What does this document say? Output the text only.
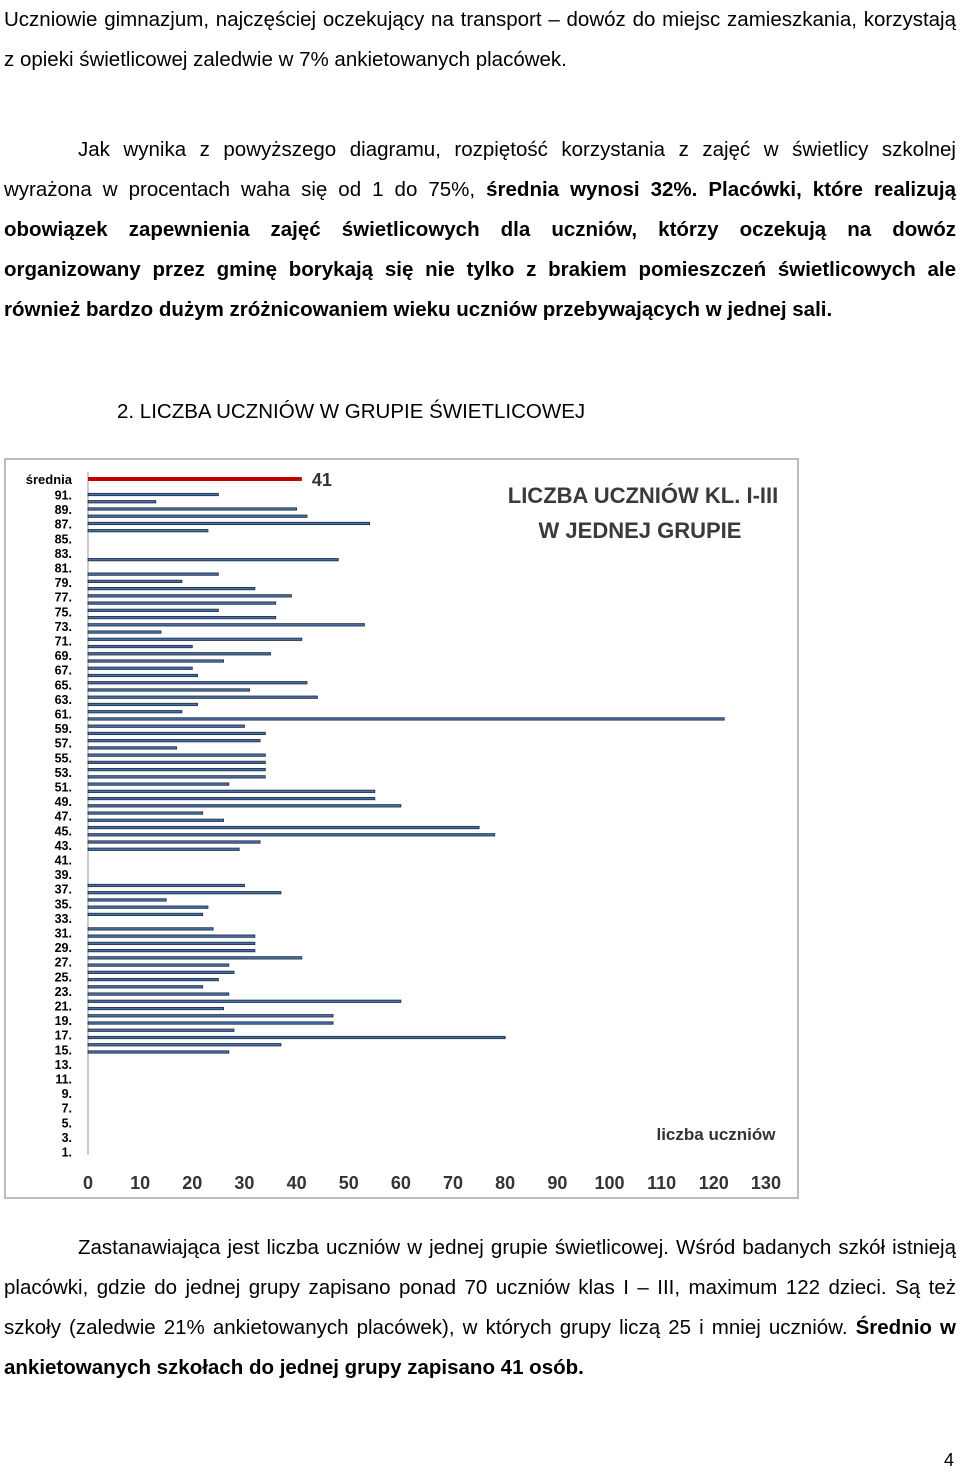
Uczniowie gimnazjum, najczęściej oczekujący na transport – dowóz do miejsc zamieszkania, korzystają z opieki świetlicowej zaledwie w 7% ankietowanych placówek.

Jak wynika z powyższego diagramu, rozpiętość korzystania z zajęć w świetlicy szkolnej wyrażona w procentach waha się od 1 do 75%, średnia wynosi 32%. Placówki, które realizują obowiązek zapewnienia zajęć świetlicowych dla uczniów, którzy oczekują na dowóz organizowany przez gminę borykają się nie tylko z brakiem pomieszczeń świetlicowych ale również bardzo dużym zróżnicowaniem wieku uczniów przebywających w jednej sali.

2. LICZBA UCZNIÓW W GRUPIE ŚWIETLICOWEJ
średnia	41
91.
89.
87.
85.
83.
81.
79.
77.
75.
73.
71.
69.
67.
65.
63.
61.
59.
57.
55.
53.
51.
49.
47.
45.
43.
41.
39.
37.
35.
33.
31.
29.
27.
25.
23.
21.
19.
17.
15.
13.
11.
9.
7.
5.
3.
1.
0 10 20 30 40 50 60 70 80 90 100 110 120 130
LICZBA UCZNIÓW KL. I-III
W JEDNEJ GRUPIE
liczba uczniów

Zastanawiająca jest liczba uczniów w jednej grupie świetlicowej. Wśród badanych szkół istnieją placówki, gdzie do jednej grupy zapisano ponad 70 uczniów klas I – III, maximum 122 dzieci. Są też szkoły (zaledwie 21% ankietowanych placówek), w których grupy liczą 25 i mniej uczniów. Średnio w ankietowanych szkołach do jednej grupy zapisano 41 osób.

4
